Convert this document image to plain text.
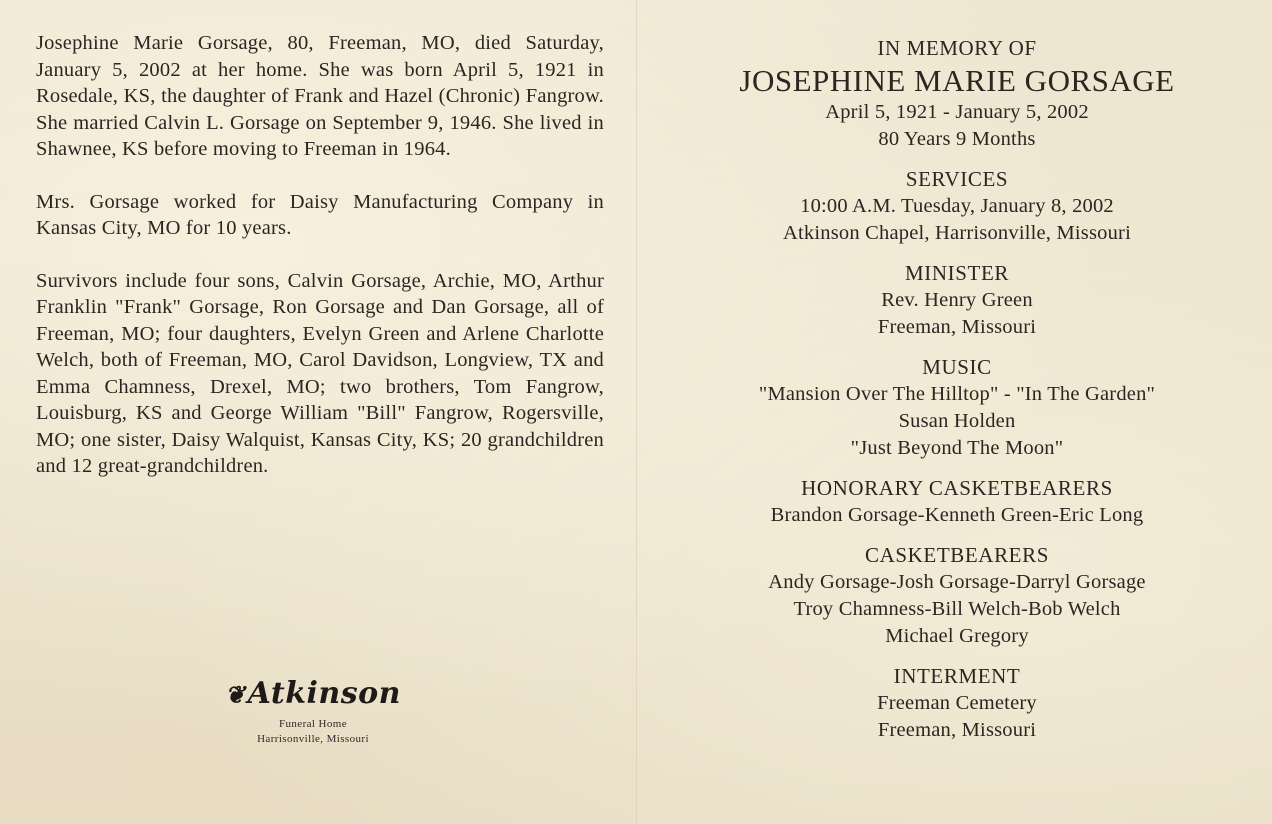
Josephine Marie Gorsage, 80, Freeman, MO, died Saturday, January 5, 2002 at her home. She was born April 5, 1921 in Rosedale, KS, the daughter of Frank and Hazel (Chronic) Fangrow. She married Calvin L. Gorsage on September 9, 1946. She lived in Shawnee, KS before moving to Freeman in 1964.

Mrs. Gorsage worked for Daisy Manufacturing Company in Kansas City, MO for 10 years.

Survivors include four sons, Calvin Gorsage, Archie, MO, Arthur Franklin "Frank" Gorsage, Ron Gorsage and Dan Gorsage, all of Freeman, MO; four daughters, Evelyn Green and Arlene Charlotte Welch, both of Freeman, MO, Carol Davidson, Longview, TX and Emma Chamness, Drexel, MO; two brothers, Tom Fangrow, Louisburg, KS and George William "Bill" Fangrow, Rogersville, MO; one sister, Daisy Walquist, Kansas City, KS; 20 grandchildren and 12 great-grandchildren.

❦Atkinson
Funeral Home
Harrisonville, Missouri
IN MEMORY OF
JOSEPHINE MARIE GORSAGE
April 5, 1921 - January 5, 2002
80 Years 9 Months
SERVICES
10:00 A.M. Tuesday, January 8, 2002
Atkinson Chapel, Harrisonville, Missouri
MINISTER
Rev. Henry Green
Freeman, Missouri
MUSIC
"Mansion Over The Hilltop" - "In The Garden"
Susan Holden
"Just Beyond The Moon"
HONORARY CASKETBEARERS
Brandon Gorsage-Kenneth Green-Eric Long
CASKETBEARERS
Andy Gorsage-Josh Gorsage-Darryl Gorsage
Troy Chamness-Bill Welch-Bob Welch
Michael Gregory
INTERMENT
Freeman Cemetery
Freeman, Missouri
